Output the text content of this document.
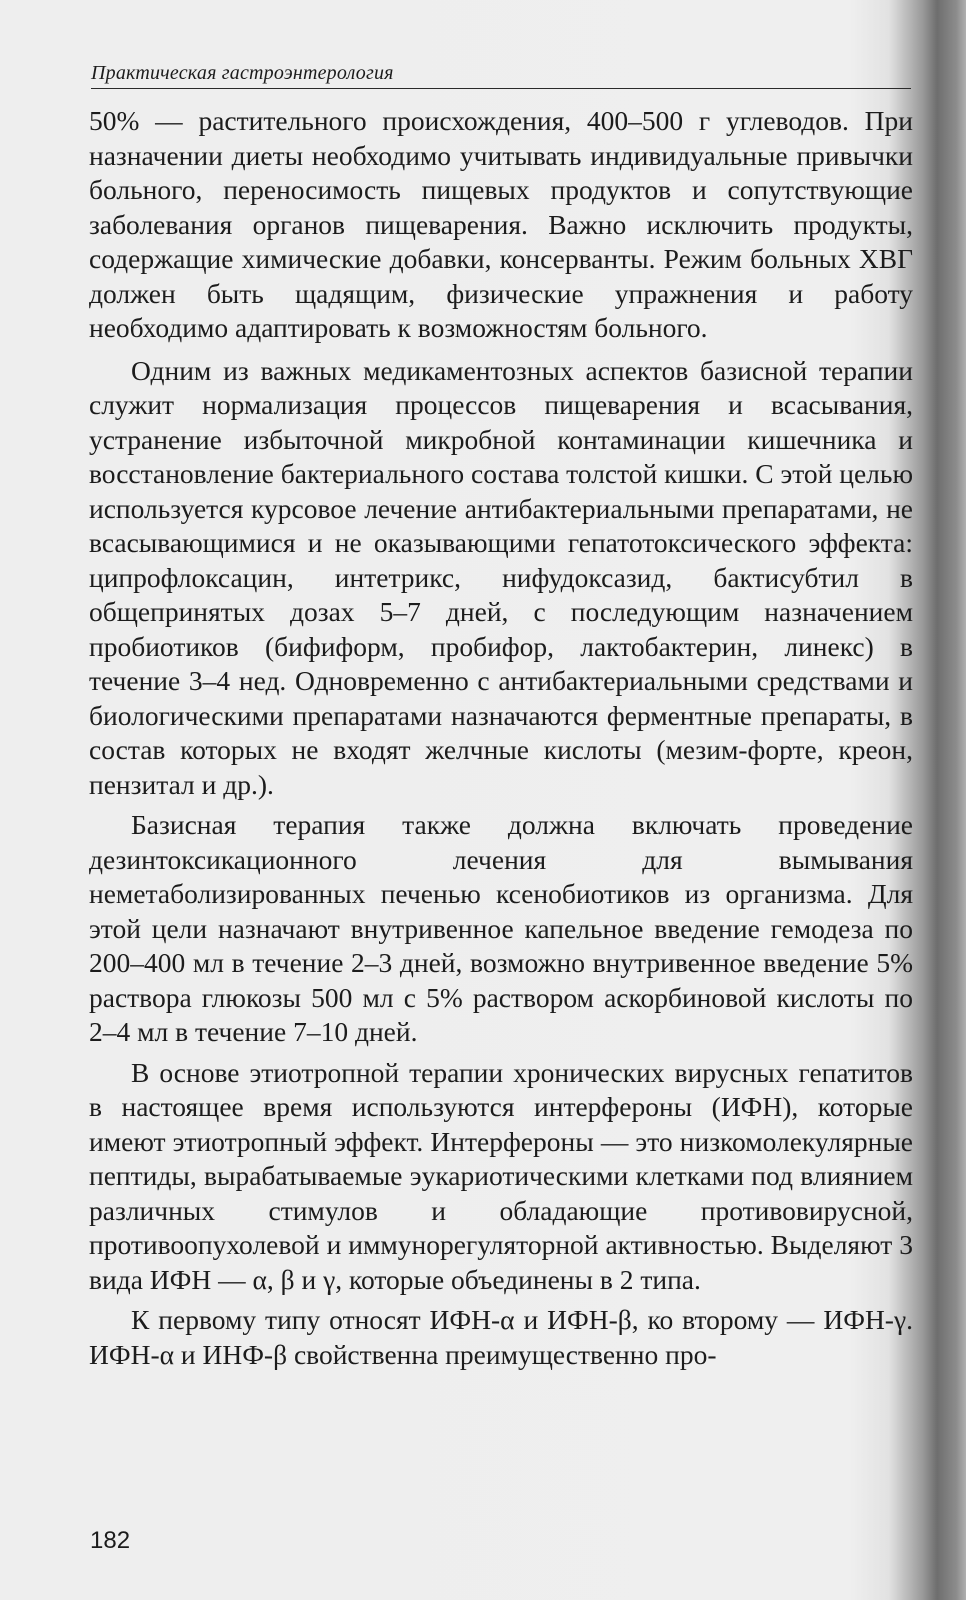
Практическая гастроэнтерология

50% — растительного происхождения, 400–500 г углеводов. При назначении диеты необходимо учитывать индивидуальные привычки больного, переносимость пищевых продуктов и сопутствующие заболевания органов пищеварения. Важно исключить продукты, содержащие химические добавки, консерванты. Режим больных ХВГ должен быть щадящим, физические упражнения и работу необходимо адаптировать к возможностям больного.

Одним из важных медикаментозных аспектов базисной терапии служит нормализация процессов пищеварения и всасывания, устранение избыточной микробной контаминации кишечника и восстановление бактериального состава толстой кишки. С этой целью используется курсовое лечение антибактериальными препаратами, не всасывающимися и не оказывающими гепатотоксического эффекта: ципрофлоксацин, интетрикс, нифудоксазид, бактисубтил в общепринятых дозах 5–7 дней, с последующим назначением пробиотиков (бифиформ, пробифор, лактобактерин, линекс) в течение 3–4 нед. Одновременно с антибактериальными средствами и биологическими препаратами назначаются ферментные препараты, в состав которых не входят желчные кислоты (мезим-форте, креон, пензитал и др.).

Базисная терапия также должна включать проведение дезинтоксикационного лечения для вымывания неметаболизированных печенью ксенобиотиков из организма. Для этой цели назначают внутривенное капельное введение гемодеза по 200–400 мл в течение 2–3 дней, возможно внутривенное введение 5% раствора глюкозы 500 мл с 5% раствором аскорбиновой кислоты по 2–4 мл в течение 7–10 дней.

В основе этиотропной терапии хронических вирусных гепатитов в настоящее время используются интерфероны (ИФН), которые имеют этиотропный эффект. Интерфероны — это низкомолекулярные пептиды, вырабатываемые эукариотическими клетками под влиянием различных стимулов и обладающие противовирусной, противоопухолевой и иммунорегуляторной активностью. Выделяют 3 вида ИФН — α, β и γ, которые объединены в 2 типа.

К первому типу относят ИФН-α и ИФН-β, ко второму — ИФН-γ. ИФН-α и ИНФ-β свойственна преимущественно про-

182
